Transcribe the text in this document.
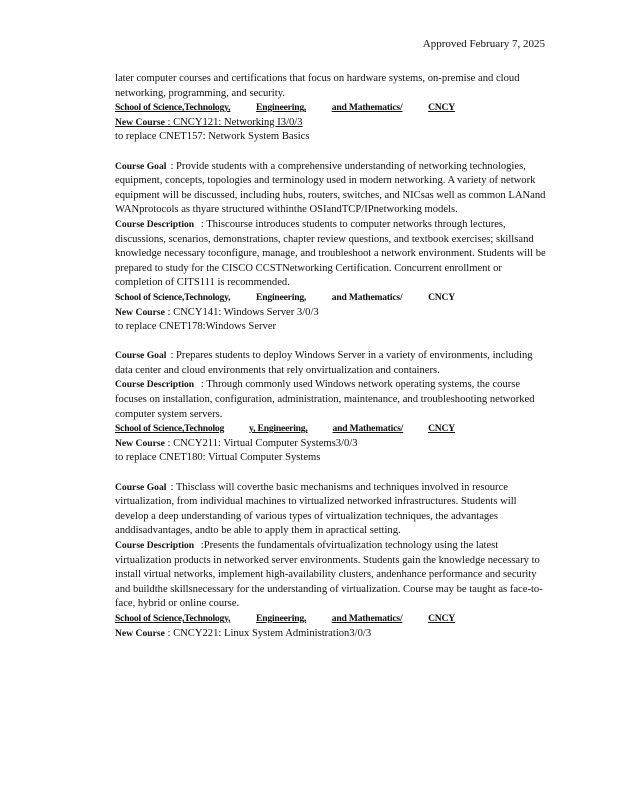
Approved February 7, 2025

later computer courses and certifications that focus on hardware systems, on-premise and cloud networking, programming, and security.

School of Science,Technology,	Engineering,	and Mathematics/	CNCY

New Course : CNCY121: Networking I3/0/3

to replace CNET157: Network System Basics

Course Goal : Provide students with a comprehensive understanding of networking technologies, equipment, concepts, topologies and terminology used in modern networking. A variety of network equipment will be discussed, including hubs, routers, switches, and NICsas well as common LANand WANprotocols as thyare structured withinthe OSIandTCP/IPnetworking models.

Course Description : Thiscourse introduces students to computer networks through lectures, discussions, scenarios, demonstrations, chapter review questions, and textbook exercises; skillsand knowledge necessary toconfigure, manage, and troubleshoot a network environment. Students will be prepared to study for the CISCO CCSTNetworking Certification. Concurrent enrollment or completion of CITS111 is recommended.

School of Science,Technology,	Engineering,	and Mathematics/	CNCY

New Course : CNCY141: Windows Server 3/0/3

to replace CNET178:Windows Server

Course Goal : Prepares students to deploy Windows Server in a variety of environments, including data center and cloud environments that rely onvirtualization and containers.

Course Description : Through commonly used Windows network operating systems, the course focuses on installation, configuration, administration, maintenance, and troubleshooting networked computer system servers.

School of Science,Technolog	y, Engineering,	and Mathematics/	CNCY

New Course : CNCY211: Virtual Computer Systems3/0/3

to replace CNET180: Virtual Computer Systems

Course Goal : Thisclass will coverthe basic mechanisms and techniques involved in resource virtualization, from individual machines to virtualized networked infrastructures. Students will develop a deep understanding of various types of virtualization techniques, the advantages anddisadvantages, andto be able to apply them in apractical setting.

Course Description :Presents the fundamentals ofvirtualization technology using the latest virtualization products in networked server environments. Students gain the knowledge necessary to install virtual networks, implement high-availability clusters, andenhance performance and security and buildthe skillsnecessary for the understanding of virtualization. Course may be taught as face-to-face, hybrid or online course.

School of Science,Technology,	Engineering,	and Mathematics/	CNCY

New Course : CNCY221: Linux System Administration3/0/3
